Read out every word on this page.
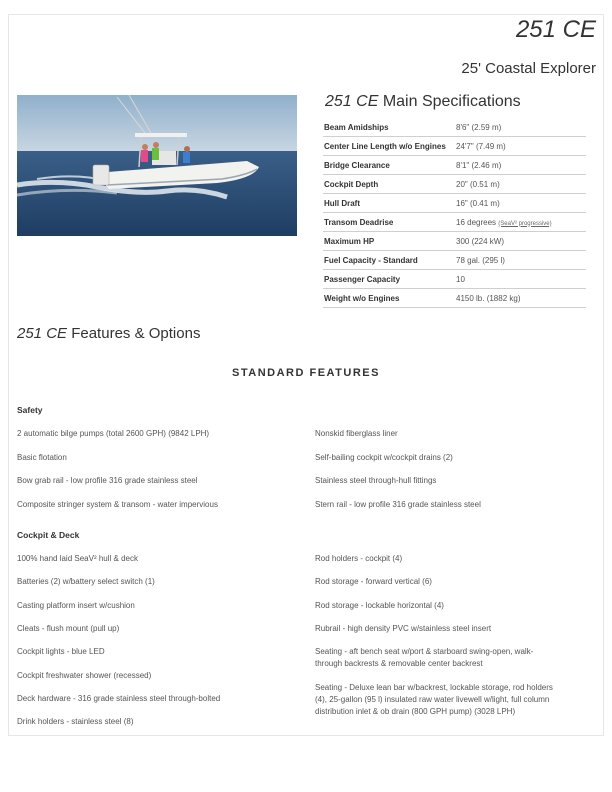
251 CE
25' Coastal Explorer
251 CE Main Specifications
Beam Amidships	8'6" (2.59 m)
Center Line Length w/o Engines	24'7" (7.49 m)
Bridge Clearance	8'1" (2.46 m)
Cockpit Depth	20" (0.51 m)
Hull Draft	16" (0.41 m)
Transom Deadrise	16 degrees (SeaV² progressive)
Maximum HP	300 (224 kW)
Fuel Capacity - Standard	78 gal. (295 l)
Passenger Capacity	10
Weight w/o Engines	4150 lb. (1882 kg)
251 CE Features & Options
STANDARD FEATURES
Safety
2 automatic bilge pumps (total 2600 GPH) (9842 LPH)
Basic flotation
Bow grab rail - low profile 316 grade stainless steel
Composite stringer system & transom - water impervious
Nonskid fiberglass liner
Self-bailing cockpit w/cockpit drains (2)
Stainless steel through-hull fittings
Stern rail - low profile 316 grade stainless steel
Cockpit & Deck
100% hand laid SeaV² hull & deck
Batteries (2) w/battery select switch (1)
Casting platform insert w/cushion
Cleats - flush mount (pull up)
Cockpit lights - blue LED
Cockpit freshwater shower (recessed)
Deck hardware - 316 grade stainless steel through-bolted
Drink holders - stainless steel (8)
Rod holders - cockpit (4)
Rod storage - forward vertical (6)
Rod storage - lockable horizontal (4)
Rubrail - high density PVC w/stainless steel insert
Seating - aft bench seat w/port & starboard swing-open, walk-through backrests & removable center backrest
Seating - Deluxe lean bar w/backrest, lockable storage, rod holders (4), 25-gallon (95 l) insulated raw water livewell w/light, full column distribution inlet & ob drain (800 GPH pump) (3028 LPH)
